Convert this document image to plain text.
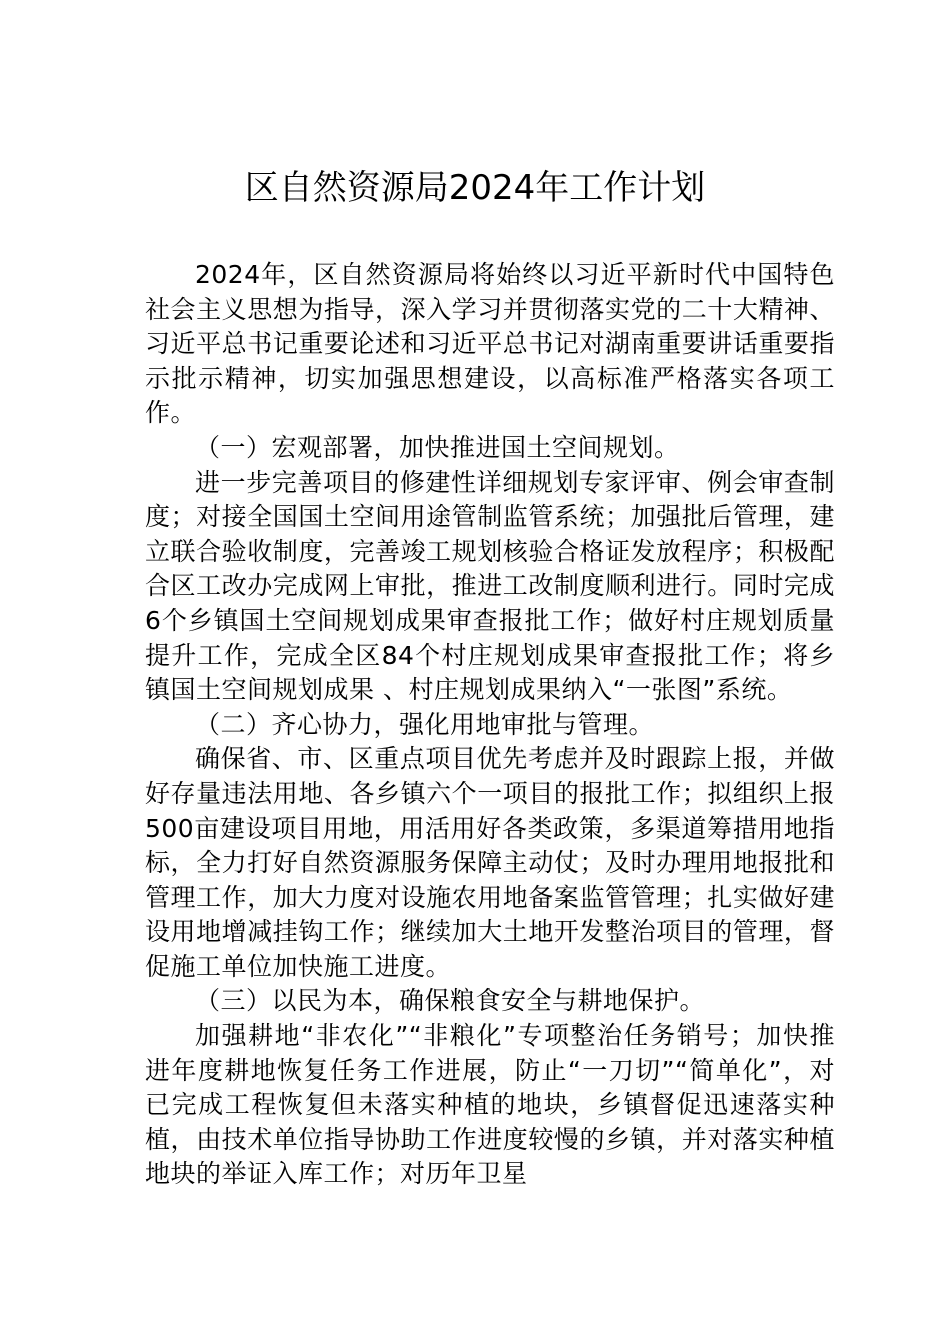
区自然资源局2024年工作计划

2024年，区自然资源局将始终以习近平新时代中国特色社会主义思想为指导，深入学习并贯彻落实党的二十大精神、习近平总书记重要论述和习近平总书记对湖南重要讲话重要指示批示精神，切实加强思想建设，以高标准严格落实各项工作。

（一）宏观部署，加快推进国土空间规划。

进一步完善项目的修建性详细规划专家评审、例会审查制度；对接全国国土空间用途管制监管系统；加强批后管理，建立联合验收制度，完善竣工规划核验合格证发放程序；积极配合区工改办完成网上审批，推进工改制度顺利进行。同时完成6个乡镇国土空间规划成果审查报批工作；做好村庄规划质量提升工作，完成全区84个村庄规划成果审查报批工作；将乡镇国土空间规划成果 、村庄规划成果纳入“一张图”系统。

（二）齐心协力，强化用地审批与管理。

确保省、市、区重点项目优先考虑并及时跟踪上报，并做好存量违法用地、各乡镇六个一项目的报批工作；拟组织上报500亩建设项目用地，用活用好各类政策，多渠道筹措用地指标，全力打好自然资源服务保障主动仗；及时办理用地报批和管理工作，加大力度对设施农用地备案监管管理；扎实做好建设用地增减挂钩工作；继续加大土地开发整治项目的管理，督促施工单位加快施工进度。

（三）以民为本，确保粮食安全与耕地保护。

加强耕地“非农化”“非粮化”专项整治任务销号；加快推进年度耕地恢复任务工作进展，防止“一刀切”“简单化”，对已完成工程恢复但未落实种植的地块，乡镇督促迅速落实种植，由技术单位指导协助工作进度较慢的乡镇，并对落实种植地块的举证入库工作；对历年卫星
